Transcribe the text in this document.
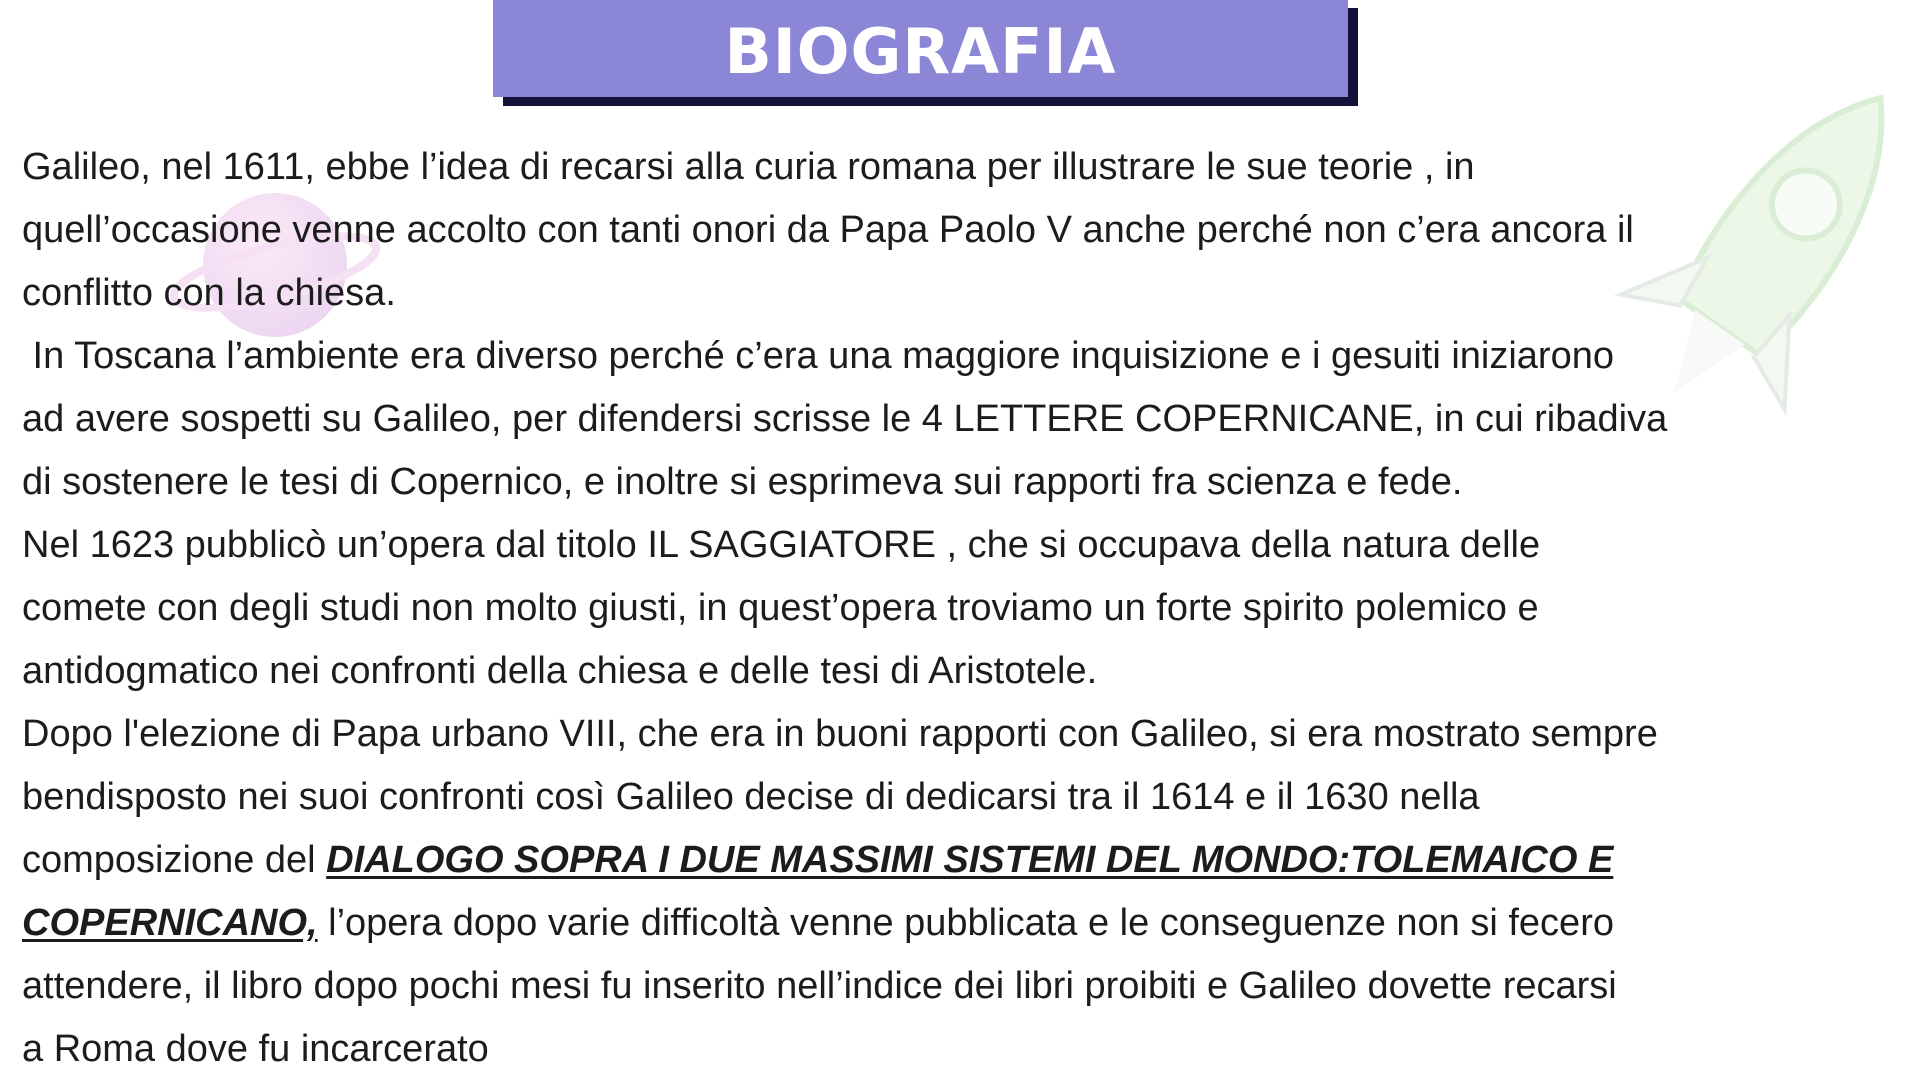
BIOGRAFIA
Galileo, nel 1611, ebbe l’idea di recarsi alla curia romana per illustrare le sue teorie , in
quell’occasione venne accolto con tanti onori da Papa Paolo V anche perché non c’era ancora il
conflitto con la chiesa.
In Toscana l’ambiente era diverso perché c’era una maggiore inquisizione e i gesuiti iniziarono
ad avere sospetti su Galileo, per difendersi scrisse le 4 LETTERE COPERNICANE, in cui ribadiva
di sostenere le tesi di Copernico, e inoltre si esprimeva sui rapporti fra scienza e fede.
Nel 1623 pubblicò un’opera dal titolo IL SAGGIATORE , che si occupava della natura delle
comete con degli studi non molto giusti, in quest’opera troviamo un forte spirito polemico e
antidogmatico nei confronti della chiesa e delle tesi di Aristotele.
Dopo l'elezione di Papa urbano VIII, che era in buoni rapporti con Galileo, si era mostrato sempre
bendisposto nei suoi confronti così Galileo decise di dedicarsi tra il 1614 e il 1630 nella
composizione del DIALOGO SOPRA I DUE MASSIMI SISTEMI DEL MONDO:TOLEMAICO E
COPERNICANO, l’opera dopo varie difficoltà venne pubblicata e le conseguenze non si fecero
attendere, il libro dopo pochi mesi fu inserito nell’indice dei libri proibiti e Galileo dovette recarsi
a Roma dove fu incarcerato
